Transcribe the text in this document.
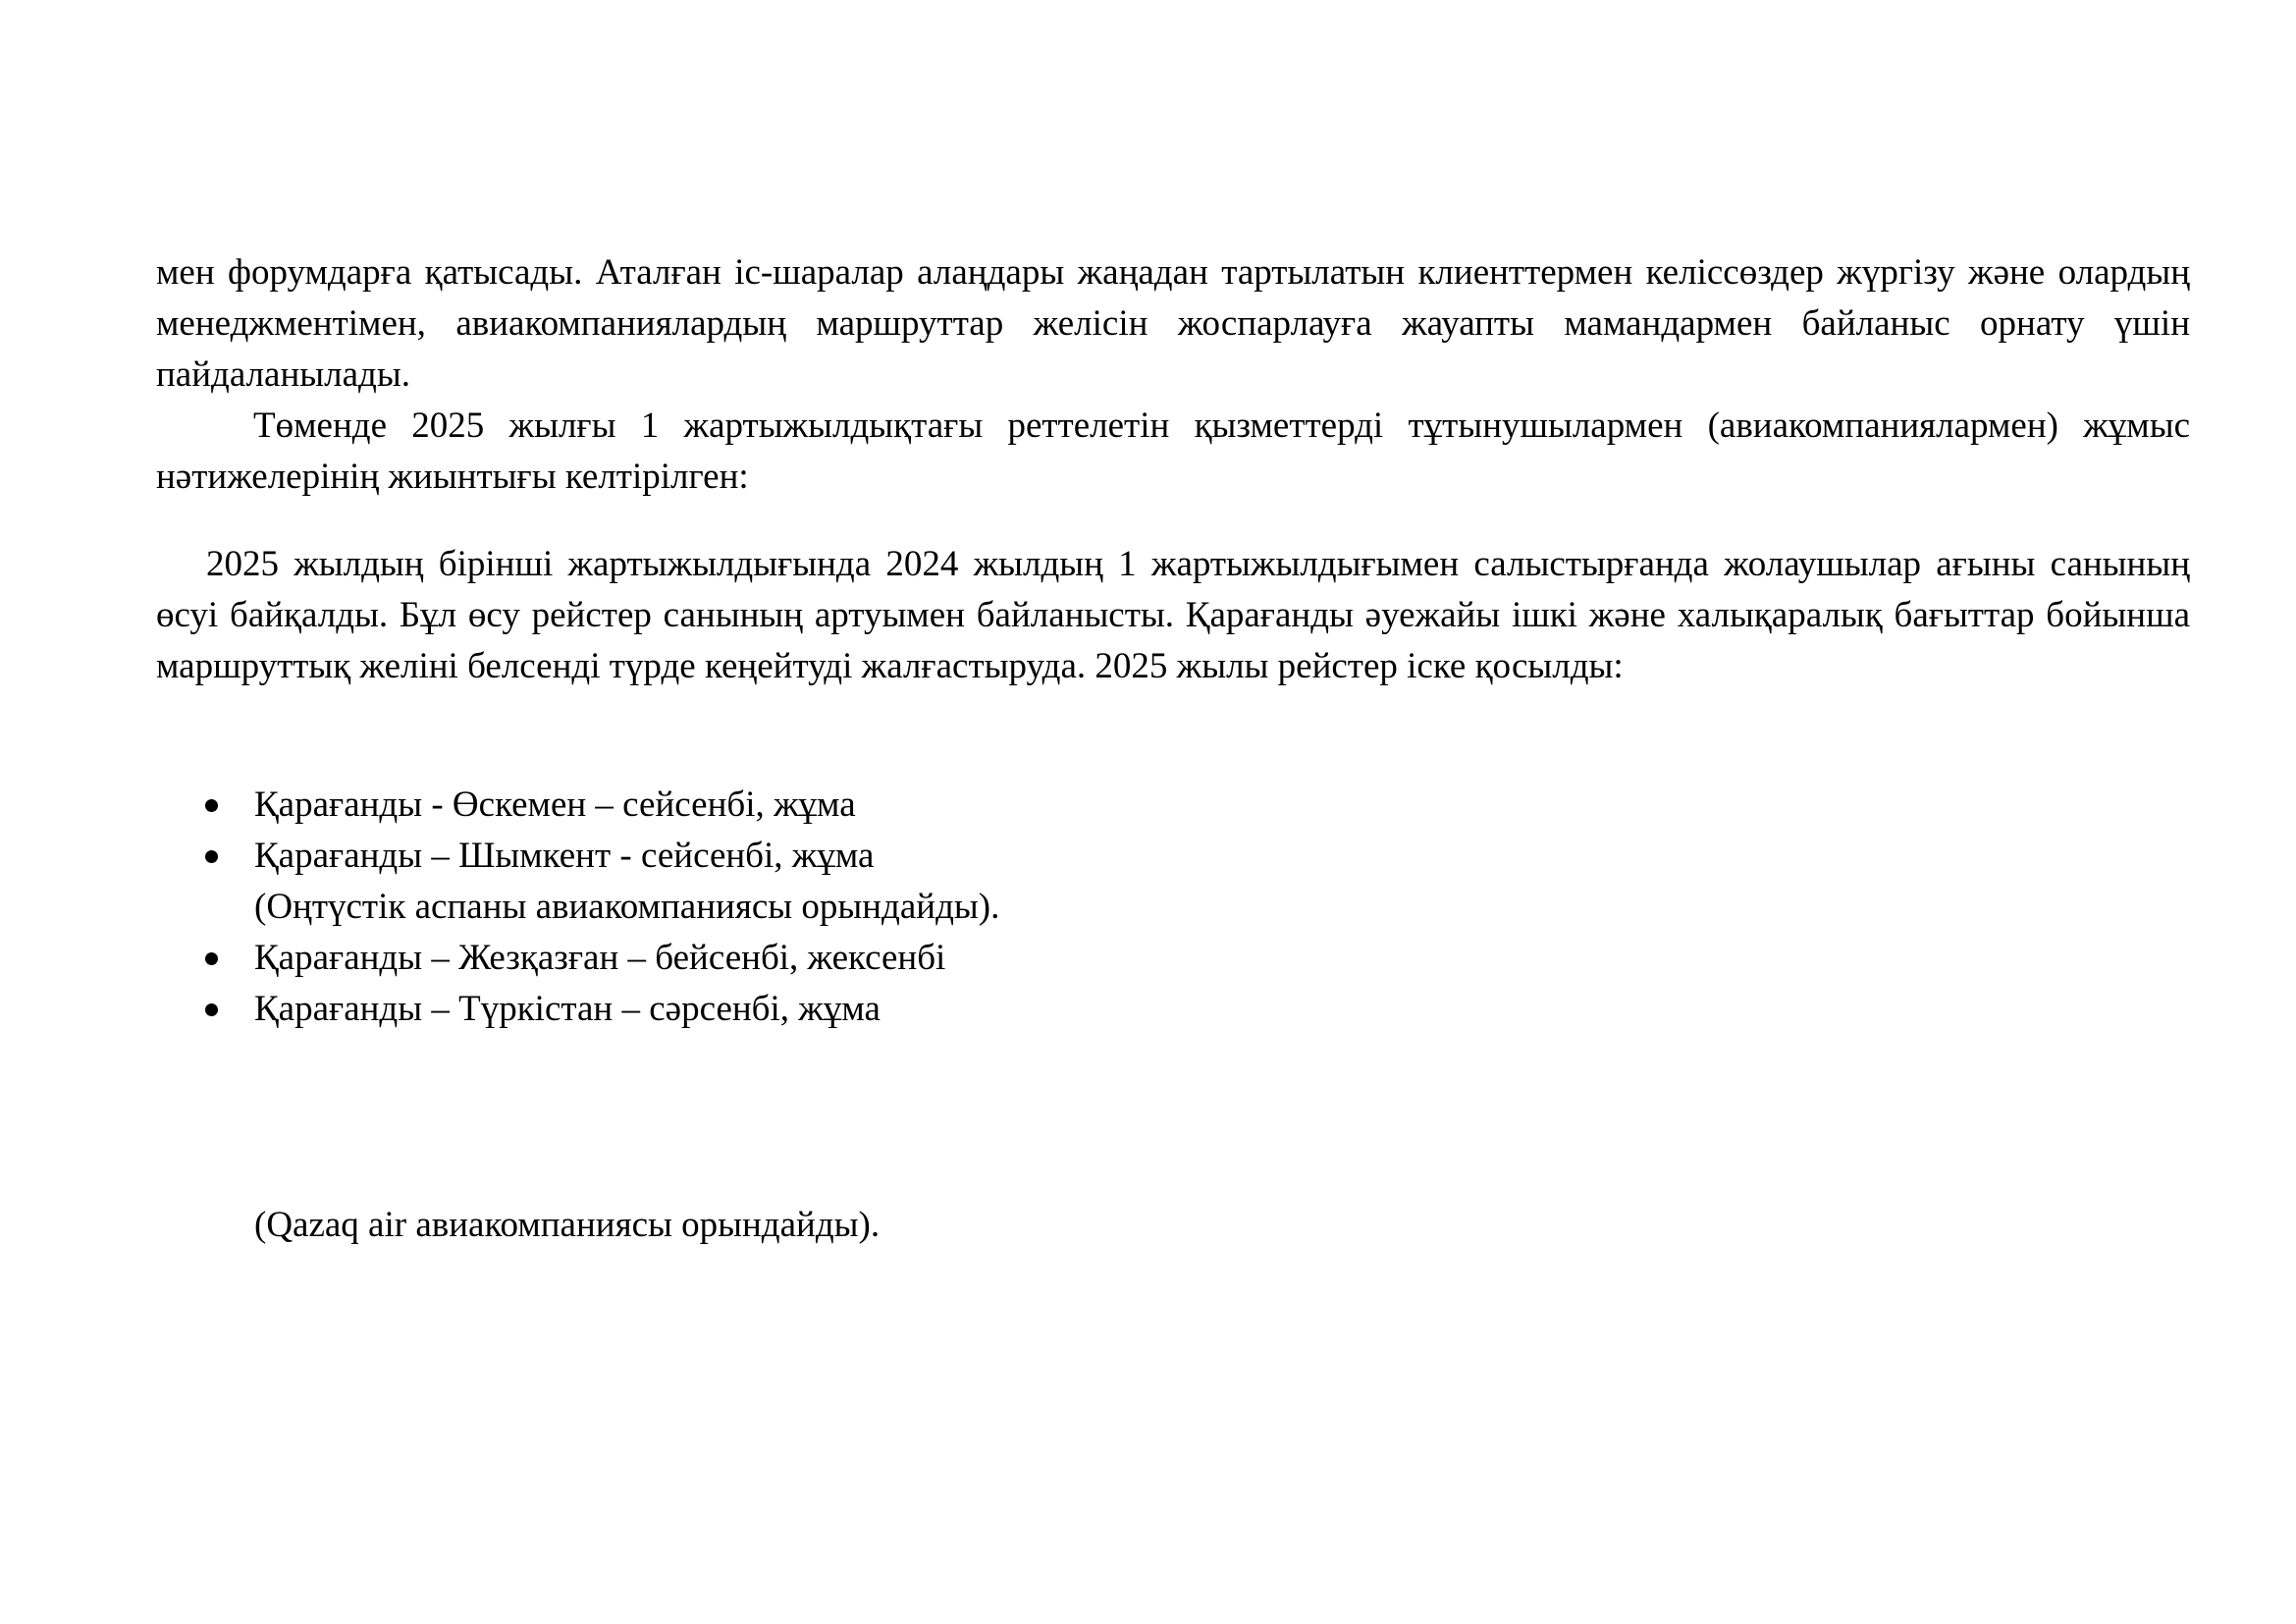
мен форумдарға қатысады. Аталған іс-шаралар алаңдары жаңадан тартылатын клиенттермен келіссөздер жүргізу және олардың менеджментімен, авиакомпаниялардың маршруттар желісін жоспарлауға жауапты мамандармен байланыс орнату үшін пайдаланылады.

Төменде 2025 жылғы 1 жартыжылдықтағы реттелетін қызметтерді тұтынушылармен (авиакомпаниялармен) жұмыс нәтижелерінің жиынтығы келтірілген:

2025 жылдың бірінші жартыжылдығында 2024 жылдың 1 жартыжылдығымен салыстырғанда жолаушылар ағыны санының өсуі байқалды. Бұл өсу рейстер санының артуымен байланысты. Қарағанды әуежайы ішкі және халықаралық бағыттар бойынша маршруттық желіні белсенді түрде кеңейтуді жалғастыруда. 2025 жылы рейстер іске қосылды:

Қарағанды - Өскемен – сейсенбі, жұма
Қарағанды – Шымкент - сейсенбі, жұма
(Оңтүстік аспаны авиакомпаниясы орындайды).
Қарағанды – Жезқазған – бейсенбі, жексенбі
Қарағанды – Түркістан – сәрсенбі, жұма
(Qazaq air авиакомпаниясы орындайды).
